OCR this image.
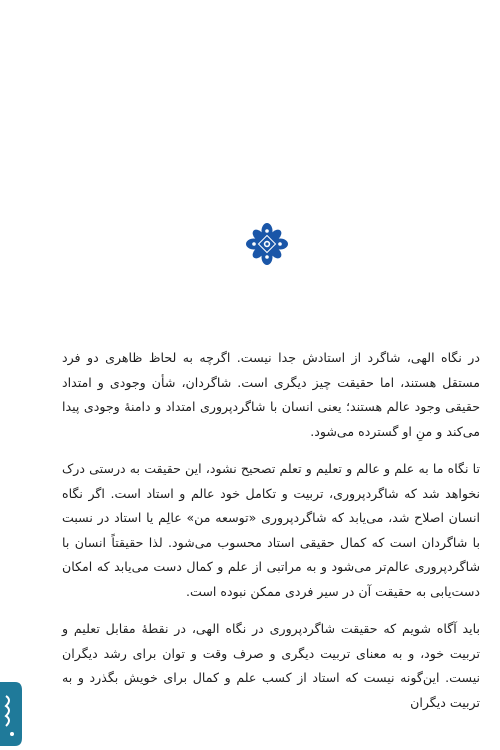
در نگاه الهی، شاگرد از استادش جدا نیست. اگرچه به لحاظ ظاهری دو فرد مستقل هستند، اما حقیقت چیز دیگری است. شاگردان، شأن وجودی و امتداد حقیقی وجود عالم هستند؛ یعنی انسان با شاگردپروری امتداد و دامنهٔ وجودی پیدا می‌کند و منِ او گسترده می‌شود.

تا نگاه ما به علم و عالم و تعلیم و تعلم تصحیح نشود، این حقیقت به درستی درک نخواهد شد که شاگردپروری، تربیت و تکامل خود عالم و استاد است. اگر نگاه انسان اصلاح شد، می‌یابد که شاگردپروری «توسعه من» عالِم یا استاد در نسبت با شاگردان است که کمال حقیقی استاد محسوب می‌شود. لذا حقیقتاً انسان با شاگردپروری عالم‌تر می‌شود و به مراتبی از علم و کمال دست می‌یابد که امکان دست‌یابی به حقیقت آن در سیر فردی ممکن نبوده است.

باید آگاه شویم که حقیقت شاگردپروری در نگاه الهی، در نقطهٔ مقابل تعلیم و تربیت خود، و به معنای تربیت دیگری و صرف وقت و توان برای رشد دیگران نیست. این‌گونه نیست که استاد از کسب علم و کمال برای خویش بگذرد و به تربیت دیگران
